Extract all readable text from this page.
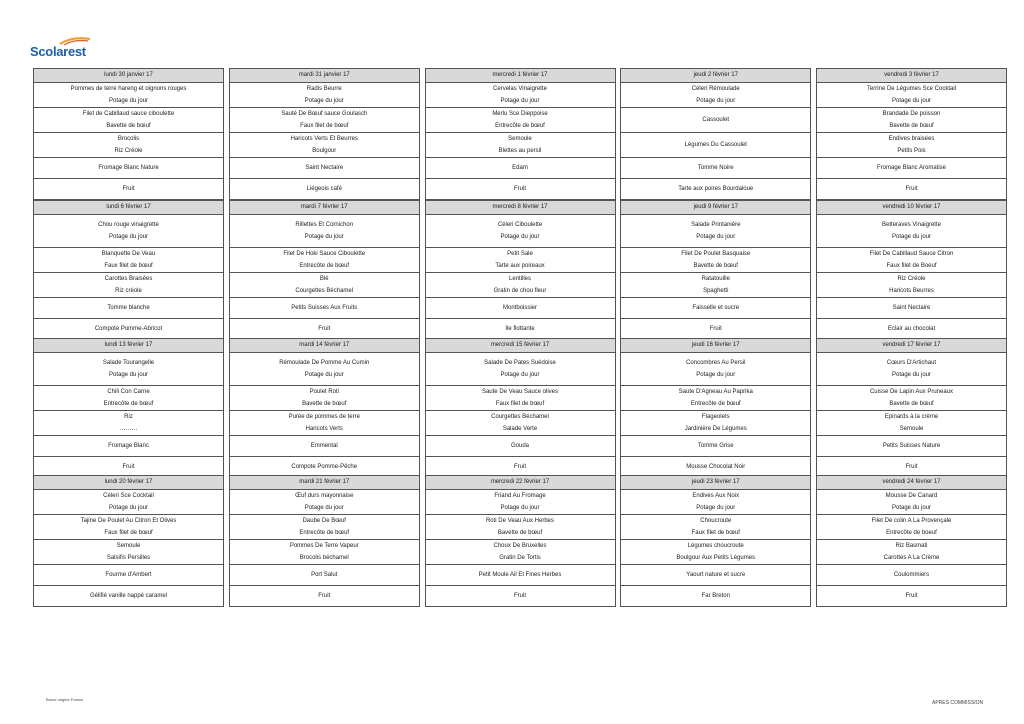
Scolarest
lundi 30 janvier 17
Pommes de terre hareng et oignons rouges
Potage du jour
Filet de Cabillaud sauce ciboulette
Bavette de bœuf
Brocolis
Riz Créole
Fromage Blanc Nature
Fruit
mardi 31 janvier 17
Radis Beurre
Potage du jour
Sauté De Bœuf sauce Goulasch
Faux filet de bœuf
Haricots Verts Et Beurres
Boulgour
Saint Nectaire
Liégeois café
mercredi 1 février 17
Cervelas Vinaigrette
Potage du jour
Merlu Sce Dieppoise
Entrecôte de bœuf
Semoule
Blettes au persil
Edam
Fruit
jeudi 2 février 17
Céleri Rémoulade
Potage du jour
Cassoulet
Légumes Du Cassoulet
Tomme Noire
Tarte aux poires Bourdaloue
vendredi 3 février 17
Terrine De Légumes Sce Cocktail
Potage du jour
Brandade De poisson
Bavette de bœuf
Endives braisées
Petits Pois
Fromage Blanc Aromatise
Fruit
lundi 6 février 17
Chou rouge vinaigrette
Potage du jour
Blanquette De Veau
Faux filet de bœuf
Carottes Braisées
Riz créole
Tomme blanche
Compote Pomme-Abricot
mardi 7 février 17
Rillettes Et Cornichon
Potage du jour
Filet De Hoki Sauce Ciboulette
Entrecôte de bœuf
Blé
Courgettes Béchamel
Petits Suisses Aux Fruits
Fruit
mercredi 8 février 17
Céleri Ciboulette
Potage du jour
Petit Sale
Tarte aux poireaux
Lentilles
Gratin de chou fleur
Montboissier
Ile flottante
jeudi 9 février 17
Salade Printanière
Potage du jour
Filet De Poulet Basquaise
Bavette de bœuf
Ratatouille
Spaghetti
Faisselle et sucre
Fruit
vendredi 10 février 17
Betteraves Vinaigrette
Potage du jour
Filet De Cabillaud Sauce Citron
Faux filet de Boeuf
Riz Créole
Haricots Beurres
Saint Nectaire
Eclair au chocolat
lundi 13 février 17
Salade Tourangelle
Potage du jour
Chili Con Carne
Entrecôte de bœuf
Riz
………
Fromage Blanc
Fruit
mardi 14 février 17
Rémoulade De Pomme Au Cumin
Potage du jour
Poulet Roti
Bavette de bœuf
Purée de pommes de terre
Haricots Verts
Emmental
Compote Pomme-Pêche
mercredi 15 février 17
Salade De Pates Suédoise
Potage du jour
Saute De Veau Sauce olives
Faux filet de bœuf
Courgettes Béchamel
Salade Verte
Gouda
Fruit
jeudi 16 février 17
Concombres Au Persil
Potage du jour
Saute D'Agneau Au Paprika
Entrecôte de bœuf
Flageolets
Jardinière De Légumes
Tomme Grise
Mousse Chocolat Noir
vendredi 17 février 17
Cœurs D'Artichaut
Potage du jour
Cuisse De Lapin Aux Pruneaux
Bavette de bœuf
Epinards à la crème
Semoule
Petits Suisses Nature
Fruit
lundi 20 février 17
Céleri Sce Cocktail
Potage du jour
Tajine De Poulet Au Citron Et Olives
Faux filet de bœuf
Semoule
Salsifis Persilles
Fourme d'Ambert
Gélifié vanille nappé caramel
mardi 21 février 17
Œuf durs mayonnaise
Potage du jour
Daube De Bœuf
Entrecôte de bœuf
Pommes De Terre Vapeur
Brocolis béchamel
Port Salut
Fruit
mercredi 22 février 17
Friand Au Fromage
Potage du jour
Roti De Veau Aux Herbes
Bavette de bœuf
Choux De Bruxelles
Gratin De Tortis
Petit Moule Ail Et Fines Herbes
Fruit
jeudi 23 février 17
Endives Aux Noix
Potage du jour
Choucroute
Faux filet de bœuf
Légumes choucroute
Boulgour Aux Petits Légumes
Yaourt nature et sucre
Far Breton
vendredi 24 février 17
Mousse De Canard
Potage du jour
Filet De colin A La Provençale
Entrecôte de boeuf
Riz Basmati
Carottes A La Crème
Coulommiers
Fruit
Boeuf origine France
APRES COMMISSION
